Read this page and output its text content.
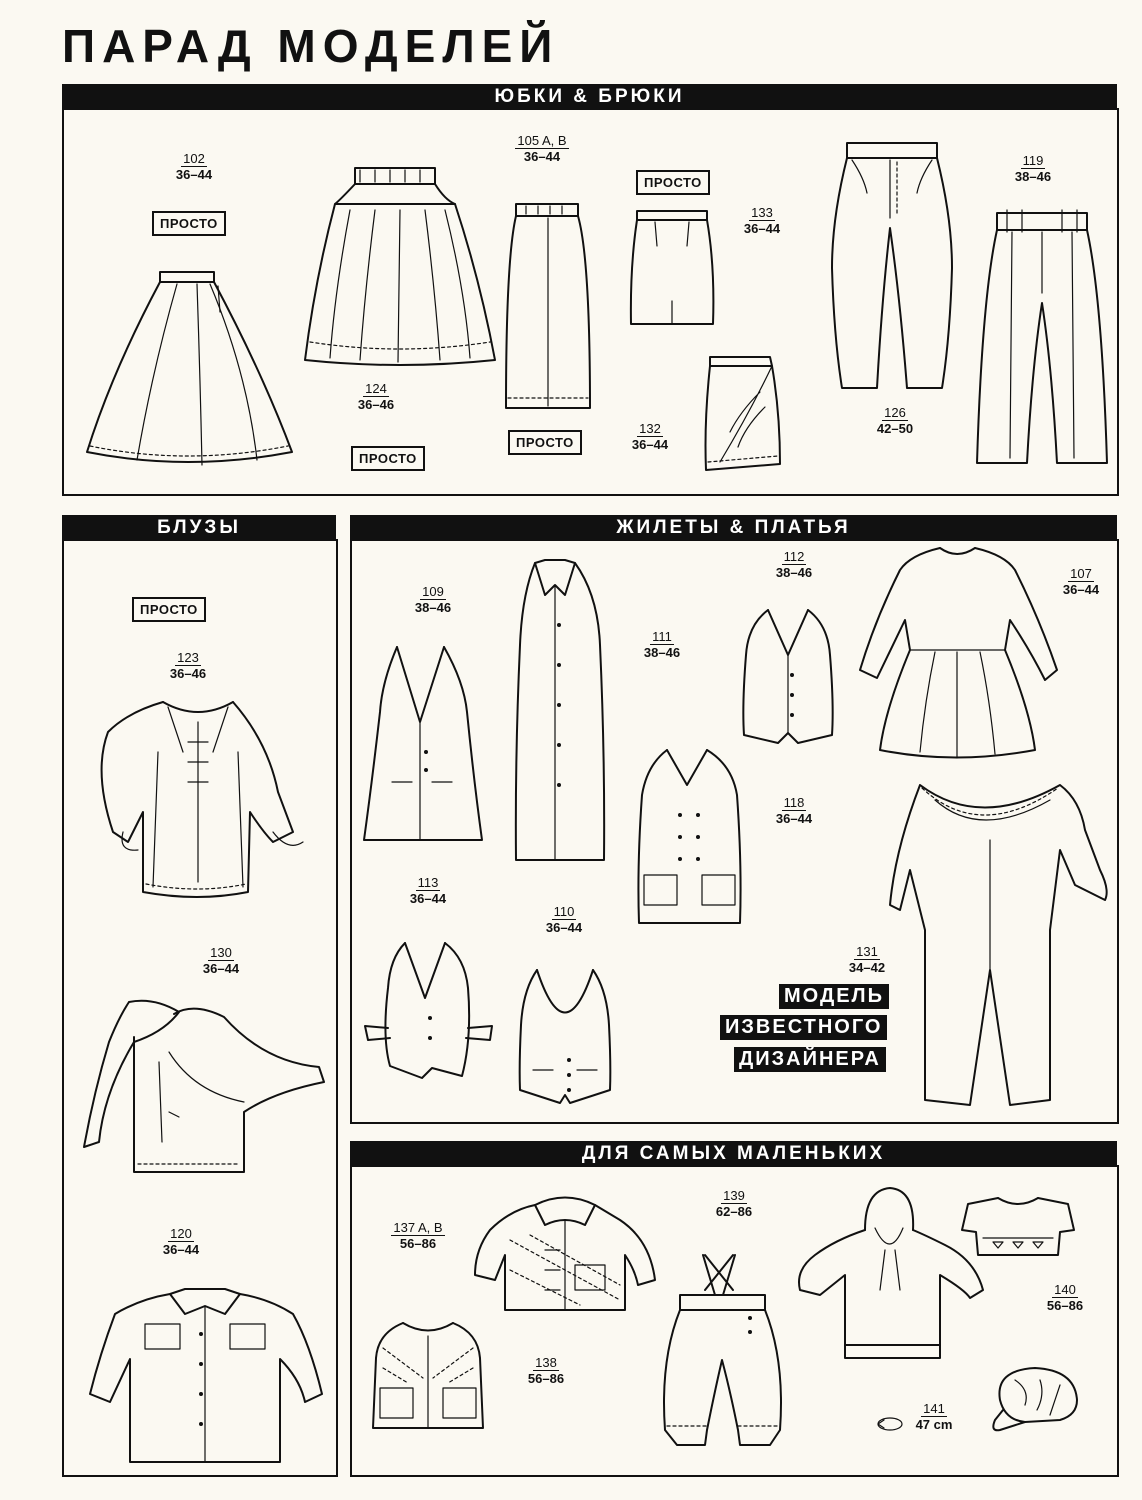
ПАРАД МОДЕЛЕЙ
ЮБКИ & БРЮКИ
102
36–44
ПРОСТО
124
36–46
ПРОСТО
105 A, B
36–44
ПРОСТО
ПРОСТО
133
36–44
132
36–44
126
42–50
119
38–46
БЛУЗЫ
ПРОСТО
123
36–46
130
36–44
120
36–44
ЖИЛЕТЫ & ПЛАТЬЯ
109
38–46
111
38–46
112
38–46	107
36–44
118
36–44
113
36–44
110
36–44
131
34–42
МОДЕЛЬ
ИЗВЕСТНОГО
ДИЗАЙНЕРА
ДЛЯ САМЫХ МАЛЕНЬКИХ
137 A, B
56–86
139
62–86
138
56–86
140
56–86
141
47 cm
